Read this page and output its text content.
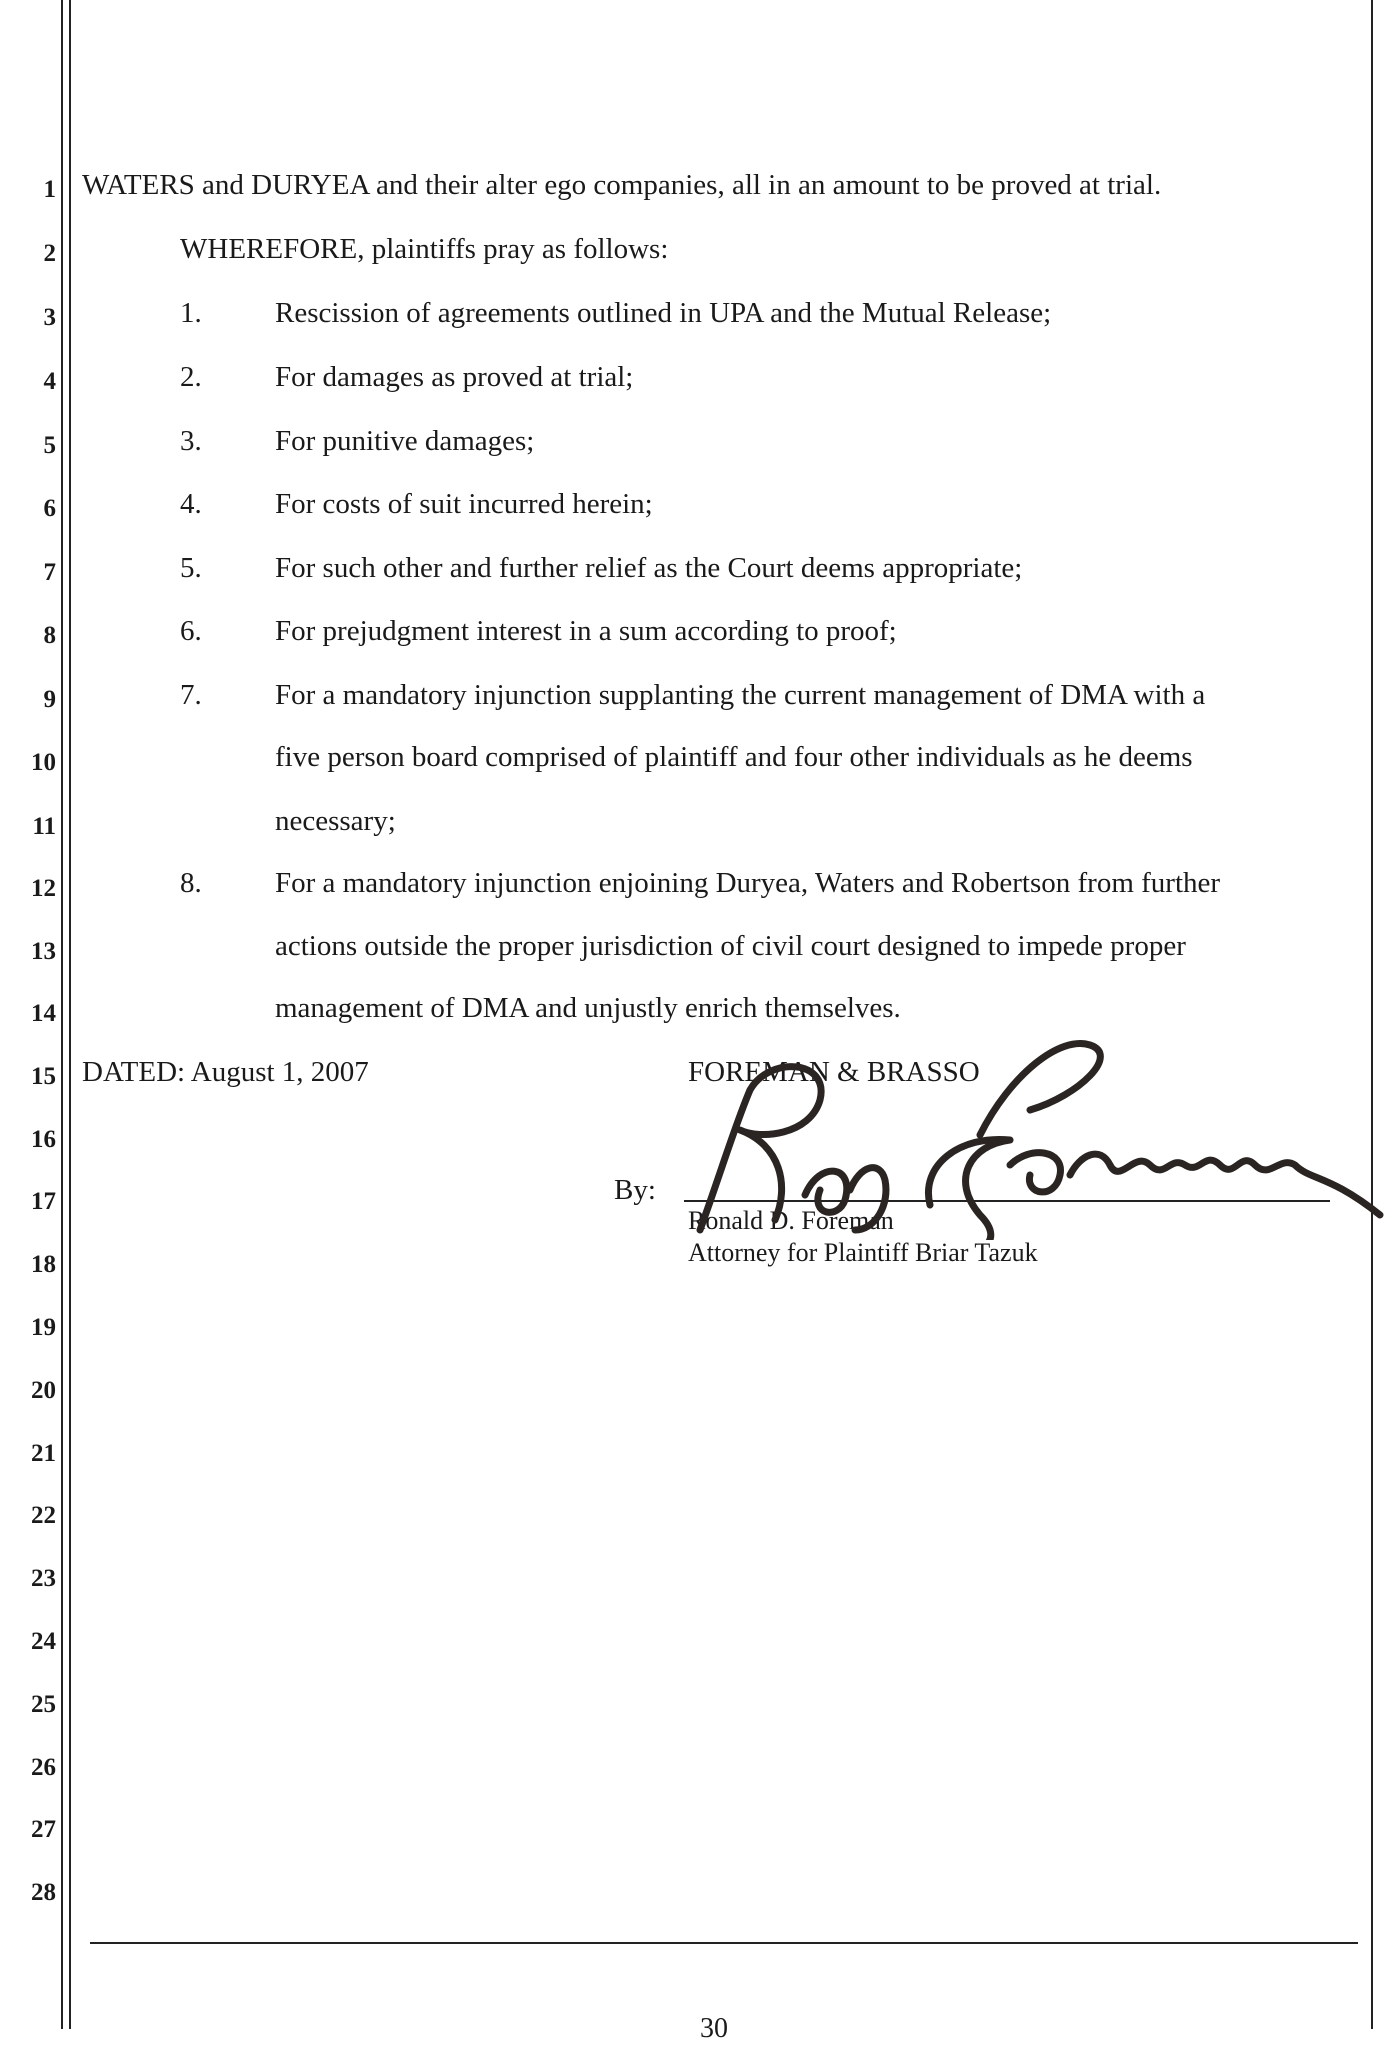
1
2
3
4
5
6
7
8
9
10
11
12
13
14
15
16
17
18
19
20
21
22
23
24
25
26
27
28
WATERS and DURYEA and their alter ego companies, all in an amount to be proved at trial.
WHEREFORE, plaintiffs pray as follows:
1.	Rescission of agreements outlined in UPA and the Mutual Release;
2.	For damages as proved at trial;
3.	For punitive damages;
4.	For costs of suit incurred herein;
5.	For such other and further relief as the Court deems appropriate;
6.	For prejudgment interest in a sum according to proof;
7.	For a mandatory injunction supplanting the current management of DMA with a
five person board comprised of plaintiff and four other individuals as he deems
necessary;
8.	For a mandatory injunction enjoining Duryea, Waters and Robertson from further
actions outside the proper jurisdiction of civil court designed to impede proper
management of DMA and unjustly enrich themselves.
DATED: August 1, 2007	FOREMAN & BRASSO
By:
Ronald D. Foreman
Attorney for Plaintiff Briar Tazuk
30
